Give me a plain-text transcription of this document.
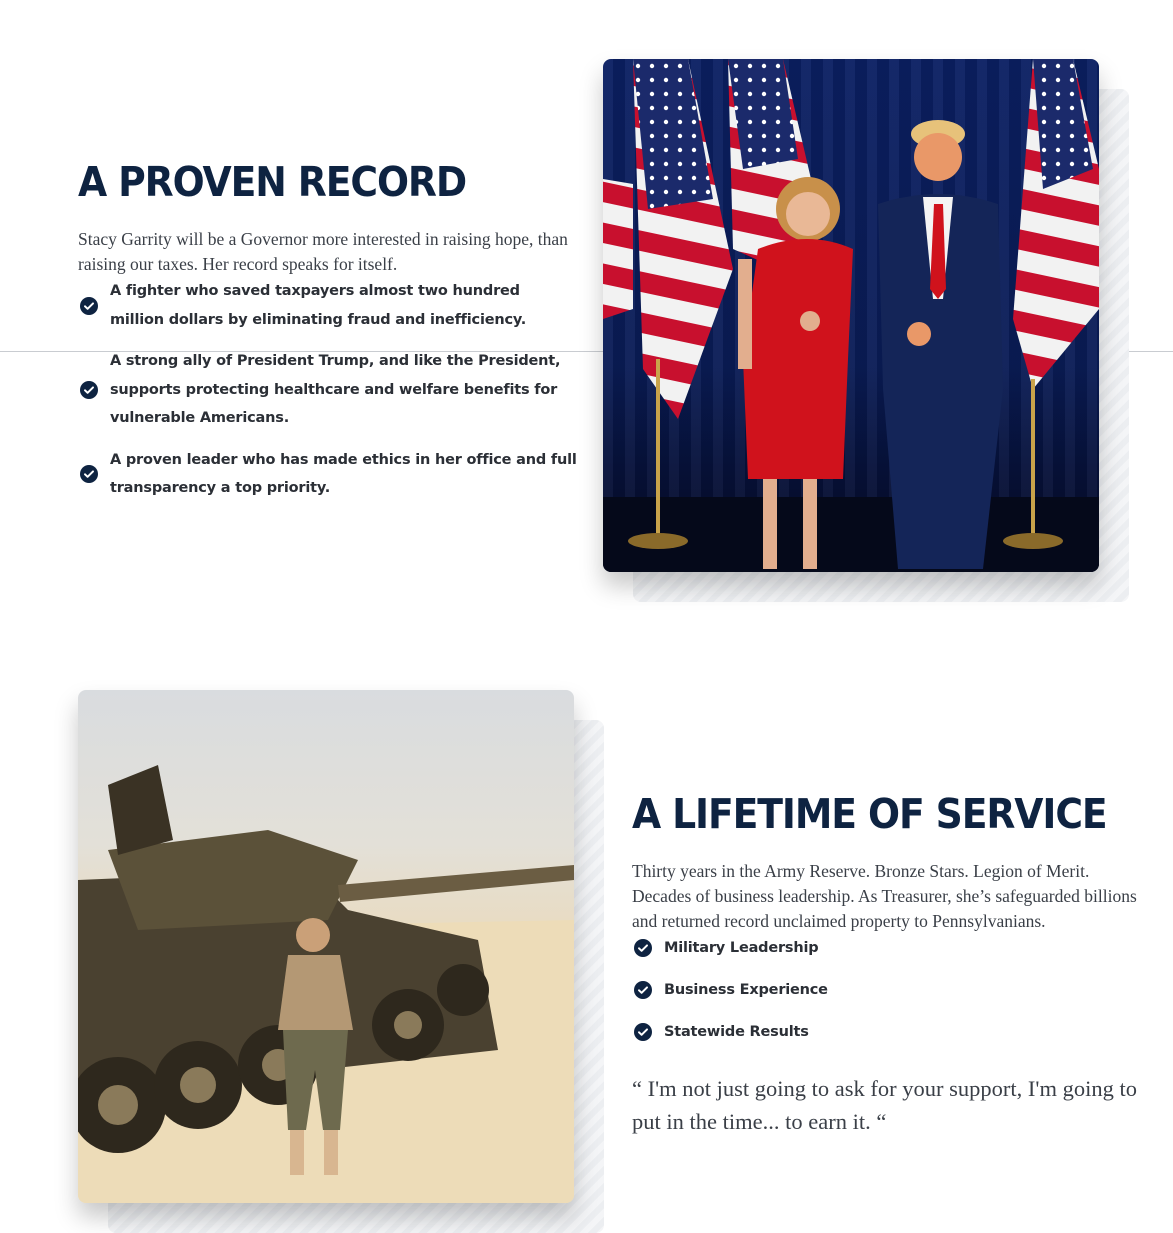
A PROVEN RECORD

Stacy Garrity will be a Governor more interested in raising hope, than raising our taxes. Her record speaks for itself.

A fighter who saved taxpayers almost two hundred million dollars by eliminating fraud and inefficiency.
A strong ally of President Trump, and like the President, supports protecting healthcare and welfare benefits for vulnerable Americans.
A proven leader who has made ethics in her office and full transparency a top priority.
A LIFETIME OF SERVICE

Thirty years in the Army Reserve. Bronze Stars. Legion of Merit. Decades of business leadership. As Treasurer, she’s safeguarded billions and returned record unclaimed property to Pennsylvanians.

Military Leadership
Business Experience
Statewide Results
“ I'm not just going to ask for your support, I'm going to put in the time... to earn it. “
